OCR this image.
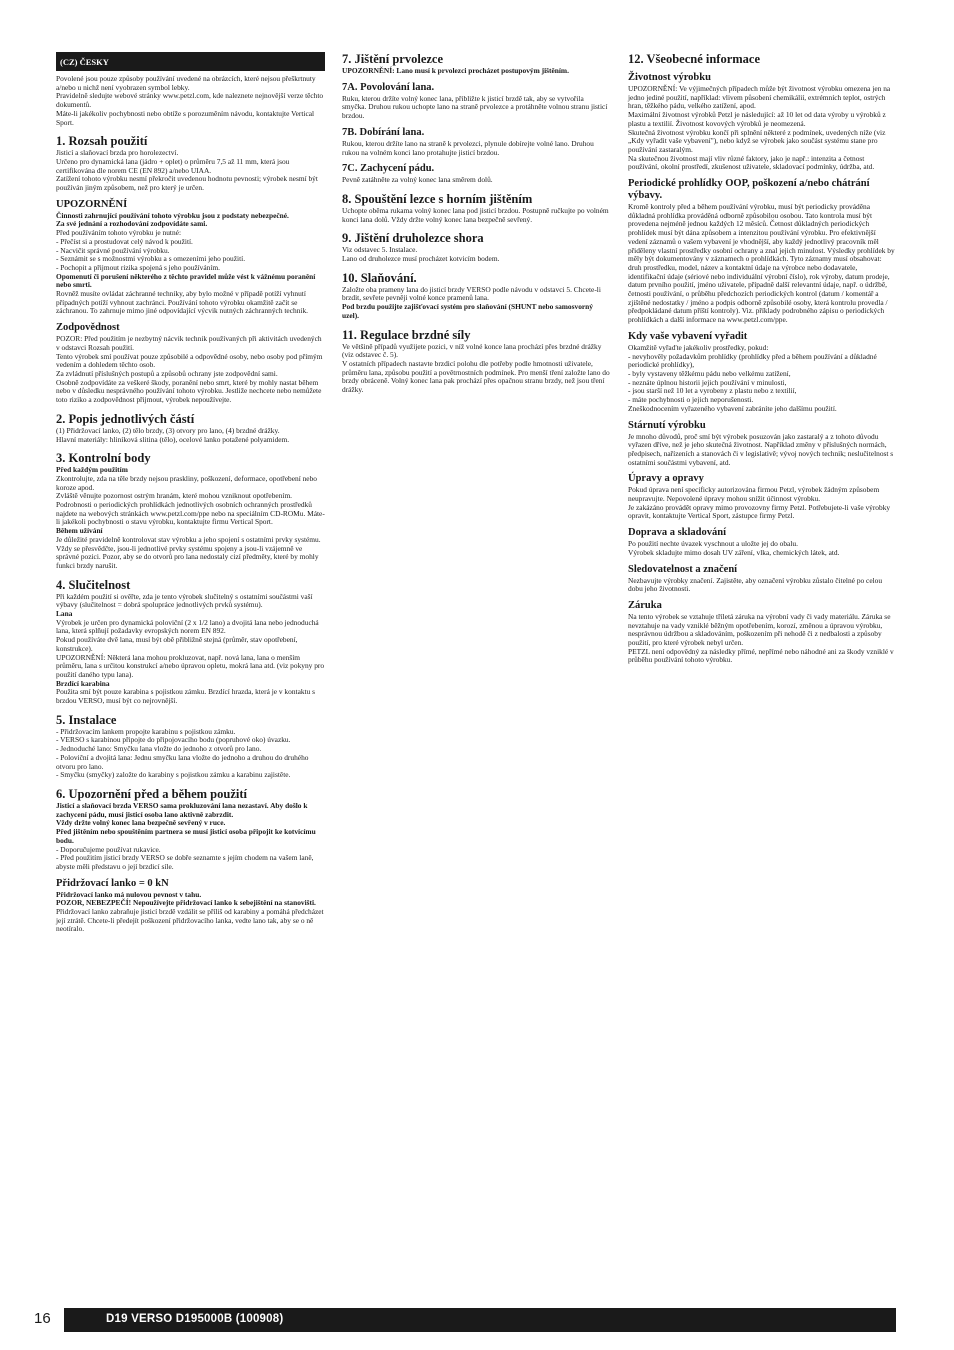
(CZ) ČESKY

Povolené jsou pouze způsoby používání uvedené na obrázcích, které nejsou přeškrtnuty a/nebo u nichž není vyobrazen symbol lebky.
Pravidelně sledujte webové stránky www.petzl.com, kde naleznete nejnovější verze těchto dokumentů.
Máte-li jakékoliv pochybnosti nebo obtíže s porozuměním návodu, kontaktujte Vertical Sport.

1. Rozsah použití

Jisticí a slaňovací brzda pro horolezectví.
Určeno pro dynamická lana (jádro + oplet) o průměru 7,5 až 11 mm, která jsou certifikována dle norem CE (EN 892) a/nebo UIAA.
Zatížení tohoto výrobku nesmí překročit uvedenou hodnotu pevnosti; výrobek nesmí být používán jiným způsobem, než pro který je určen.

UPOZORNĚNÍ

Činnosti zahrnující používání tohoto výrobku jsou z podstaty nebezpečné.
Za své jednání a rozhodování zodpovídáte sami.

Před používáním tohoto výrobku je nutné:
- Přečíst si a prostudovat celý návod k použití.
- Nacvičit správné používání výrobku.
- Seznámit se s možnostmi výrobku a s omezeními jeho použití.
- Pochopit a přijmout rizika spojená s jeho používáním.

Opomenutí či porušení některého z těchto pravidel může vést k vážnému poranění nebo smrti.

Rovněž musíte ovládat záchranné techniky, aby bylo možné v případě potíží vyhnutí případných potíží vyhnout zachránci. Používání tohoto výrobku okamžitě začít se záchranou. To zahrnuje mimo jiné odpovídající výcvik nutných záchranných technik.

Zodpovědnost

POZOR: Před použitím je nezbytný nácvik technik používaných při aktivitách uvedených v odstavci Rozsah použití.
Tento výrobek smí používat pouze způsobilé a odpovědné osoby, nebo osoby pod přímým vedením a dohledem těchto osob.
Za zvládnutí příslušných postupů a způsobů ochrany jste zodpovědní sami.
Osobně zodpovídáte za veškeré škody, poranění nebo smrt, které by mohly nastat během nebo v důsledku nesprávného používání tohoto výrobku. Jestliže nechcete nebo nemůžete toto riziko a zodpovědnost přijmout, výrobek nepoužívejte.

2. Popis jednotlivých částí

(1) Přidržovací lanko, (2) tělo brzdy, (3) otvory pro lano, (4) brzdné drážky.
Hlavní materiály: hliníková slitina (tělo), ocelové lanko potažené polyamidem.

3. Kontrolní body

Před každým použitím

Zkontrolujte, zda na těle brzdy nejsou praskliny, poškození, deformace, opotřebení nebo koroze apod.
Zvláště věnujte pozornost ostrým hranám, které mohou vzniknout opotřebením.
Podrobnosti o periodických prohlídkách jednotlivých osobních ochranných prostředků najdete na webových stránkách www.petzl.com/ppe nebo na speciálním CD-ROMu. Máte-li jakékoli pochybnosti o stavu výrobku, kontaktujte firmu Vertical Sport.

Během užívání

Je důležité pravidelně kontrolovat stav výrobku a jeho spojení s ostatními prvky systému. Vždy se přesvědčte, jsou-li jednotlivé prvky systému spojeny a jsou-li vzájemně ve správné pozici. Pozor, aby se do otvorů pro lana nedostaly cizí předměty, které by mohly funkci brzdy narušit.

4. Slučitelnost

Při každém použití si ověřte, zda je tento výrobek slučitelný s ostatními součástmi vaší výbavy (slučitelnost = dobrá spolupráce jednotlivých prvků systému).

Lana

Výrobek je určen pro dynamická poloviční (2 x 1/2 lano) a dvojitá lana nebo jednoduchá lana, která splňují požadavky evropských norem EN 892.
Pokud používáte dvě lana, musí být obě přibližně stejná (průměr, stav opotřebení, konstrukce).
UPOZORNĚNÍ: Některá lana mohou prokluzovat, např. nová lana, lana o menším průměru, lana s určitou konstrukcí a/nebo úpravou opletu, mokrá lana atd. (viz pokyny pro použití daného typu lana).

Brzdící karabina

Použita smí být pouze karabina s pojistkou zámku. Brzdící hrazda, která je v kontaktu s brzdou VERSO, musí být co nejrovnější.

5. Instalace

- Přidržovacím lankem propojte karabinu s pojistkou zámku.
- VERSO s karabinou připojte do připojovacího bodu (popruhové oko) úvazku.
- Jednoduché lano: Smyčku lana vložte do jednoho z otvorů pro lano.
- Poloviční a dvojitá lana: Jednu smyčku lana vložte do jednoho a druhou do druhého otvoru pro lano.
- Smyčku (smyčky) založte do karabiny s pojistkou zámku a karabinu zajistěte.

6. Upozornění před a během použití

Jisticí a slaňovací brzda VERSO sama prokluzování lana nezastaví. Aby došlo k zachycení pádu, musí jisticí osoba lano aktivně zabrzdit.
Vždy držte volný konec lana bezpečně sevřený v ruce.
Před jištěním nebo spouštěním partnera se musí jisticí osoba připojit ke kotvícímu bodu.

- Doporučujeme používat rukavice.
- Před použitím jisticí brzdy VERSO se dobře seznamte s jejím chodem na vašem laně, abyste měli představu o její brzdicí síle.

Přidržovací lanko = 0 kN

Přidržovací lanko má nulovou pevnost v tahu.
POZOR, NEBEZPEČÍ! Nepoužívejte přidržovací lanko k sebejištění na stanovišti.

Přidržovací lanko zabraňuje jisticí brzdě vzdálit se příliš od karabiny a pomáhá předcházet její ztrátě. Chcete-li předejít poškození přidržovacího lanka, vedte lano tak, aby se o ně neotíralo.

7. Jištění prvolezce

UPOZORNĚNÍ: Lano musí k prvolezci procházet postupovým jištěním.

7A. Povolování lana.

Ruku, kterou držíte volný konec lana, přibližte k jisticí brzdě tak, aby se vytvořila smyčka. Druhou rukou uchopte lano na straně prvolezce a protáhněte volnou stranu jisticí brzdou.

7B. Dobírání lana.

Rukou, kterou držíte lano na straně k prvolezci, plynule dobírejte volné lano. Druhou rukou na volném konci lano protahujte jisticí brzdou.

7C. Zachycení pádu.

Pevně zatáhněte za volný konec lana směrem dolů.

8. Spouštění lezce s horním jištěním

Uchopte oběma rukama volný konec lana pod jisticí brzdou. Postupně ručkujte po volném konci lana dolů. Vždy držte volný konec lana bezpečně sevřený.

9. Jištění druholezce shora

Viz odstavec 5. Instalace.
Lano od druholezce musí procházet kotvicím bodem.

10. Slaňování.

Založte oba prameny lana do jisticí brzdy VERSO podle návodu v odstavci 5. Chcete-li brzdit, sevřete pevněji volné konce pramenů lana.

Pod brzdu použijte zajišťovací systém pro slaňování (SHUNT nebo samosvorný uzel).

11. Regulace brzdné síly

Ve většině případů využijete pozici, v níž volné konce lana prochází přes brzdné drážky (viz odstavec č. 5).
V ostatních případech nastavte brzdicí polohu dle potřeby podle hmotnosti uživatele, průměru lana, způsobu použití a povětrnostních podmínek. Pro menší tření založte lano do brzdy obráceně. Volný konec lana pak prochází přes opačnou stranu brzdy, než jsou tření drážky.

12. Všeobecné informace
Životnost výrobku

UPOZORNĚNÍ: Ve výjimečných případech může být životnost výrobku omezena jen na jedno jediné použití, například: vlivem působení chemikálií, extrémních teplot, ostrých hran, těžkého pádu, velkého zatížení, apod.
Maximální životnost výrobků Petzl je následující: až 10 let od data výroby u výrobků z plastu a textilií. Životnost kovových výrobků je neomezená.
Skutečná životnost výrobku končí při splnění některé z podmínek, uvedených níže (viz „Kdy vyřadit vaše vybavení"), nebo když se výrobek jako součást systému stane pro používání zastaralým.
Na skutečnou životnost mají vliv různé faktory, jako je např.: intenzita a četnost používání, okolní prostředí, zkušenost uživatele, skladovací podmínky, údržba, atd.

Periodické prohlídky OOP, poškození a/nebo chátrání výbavy.

Kromě kontroly před a během používání výrobku, musí být periodicky prováděna důkladná prohlídka prováděná odborně způsobilou osobou. Tato kontrola musí být provedena nejméně jednou každých 12 měsíců. Četnost důkladných periodických prohlídek musí být dána způsobem a intenzitou používání výrobku. Pro efektivnější vedení záznamů o vašem vybavení je vhodnější, aby každý jednotlivý pracovník měl přiděleny vlastní prostředky osobní ochrany a znal jejich minulost. Výsledky prohlídek by měly být dokumentovány v záznamech o prohlídkách. Tyto záznamy musí obsahovat: druh prostředku, model, název a kontaktní údaje na výrobce nebo dodavatele, identifikační údaje (sériové nebo individuální výrobní číslo), rok výroby, datum prodeje, datum prvního použití, jméno uživatele, případně další relevantní údaje, např. o údržbě, četnosti používání, o průběhu předchozích periodických kontrol (datum / komentář a zjištěné nedostatky / jméno a podpis odborně způsobilé osoby, která kontrolu provedla / předpokládané datum příští kontroly). Viz. příklady podrobného zápisu o periodických prohlídkách a další informace na www.petzl.com/ppe.

Kdy vaše vybavení vyřadit

Okamžitě vyřaďte jakékoliv prostředky, pokud:
- nevyhověly požadavkům prohlídky (prohlídky před a během používání a důkladné periodické prohlídky),
- byly vystaveny těžkému pádu nebo velkému zatížení,
- neznáte úplnou historii jejich používání v minulosti,
- jsou starší než 10 let a vyrobeny z plastu nebo z textilií,
- máte pochybnosti o jejich neporušenosti.
Zneškodnocením vyřazeného vybavení zabráníte jeho dalšímu použití.

Stárnutí výrobku

Je mnoho důvodů, proč smí být výrobek posuzován jako zastaralý a z tohoto důvodu vyřazen dříve, než je jeho skutečná životnost. Například změny v příslušných normách, předpisech, nařízeních a stanovách či v legislativě; vývoj nových technik; neslučitelnost s ostatními součástmi vybavení, atd.

Úpravy a opravy

Pokud úprava není specificky autorizována firmou Petzl, výrobek žádným způsobem neupravujte. Nepovolené úpravy mohou snížit účinnost výrobku.
Je zakázáno provádět opravy mimo provozovny firmy Petzl. Potřebujete-li vaše výrobky opravit, kontaktujte Vertical Sport, zástupce firmy Petzl.

Doprava a skladování

Po použití nechte úvazek vyschnout a uložte jej do obalu.
Výrobek skladujte mimo dosah UV záření, vlka, chemických látek, atd.

Sledovatelnost a značení

Nezbavujte výrobky značení. Zajistěte, aby označení výrobku zůstalo čitelné po celou dobu jeho životnosti.

Záruka

Na tento výrobek se vztahuje tříletá záruka na výrobní vady či vady materiálu. Záruka se nevztahuje na vady vzniklé běžným opotřebením, korozí, změnou a úpravou výrobku, nesprávnou údržbou a skladováním, poškozením při nehodě či z nedbalosti a způsoby použití, pro které výrobek nebyl určen.
PETZL není odpovědný za následky přímé, nepřímé nebo náhodné ani za škody vzniklé v průběhu používání tohoto výrobku.

16	D19 VERSO D195000B (100908)
